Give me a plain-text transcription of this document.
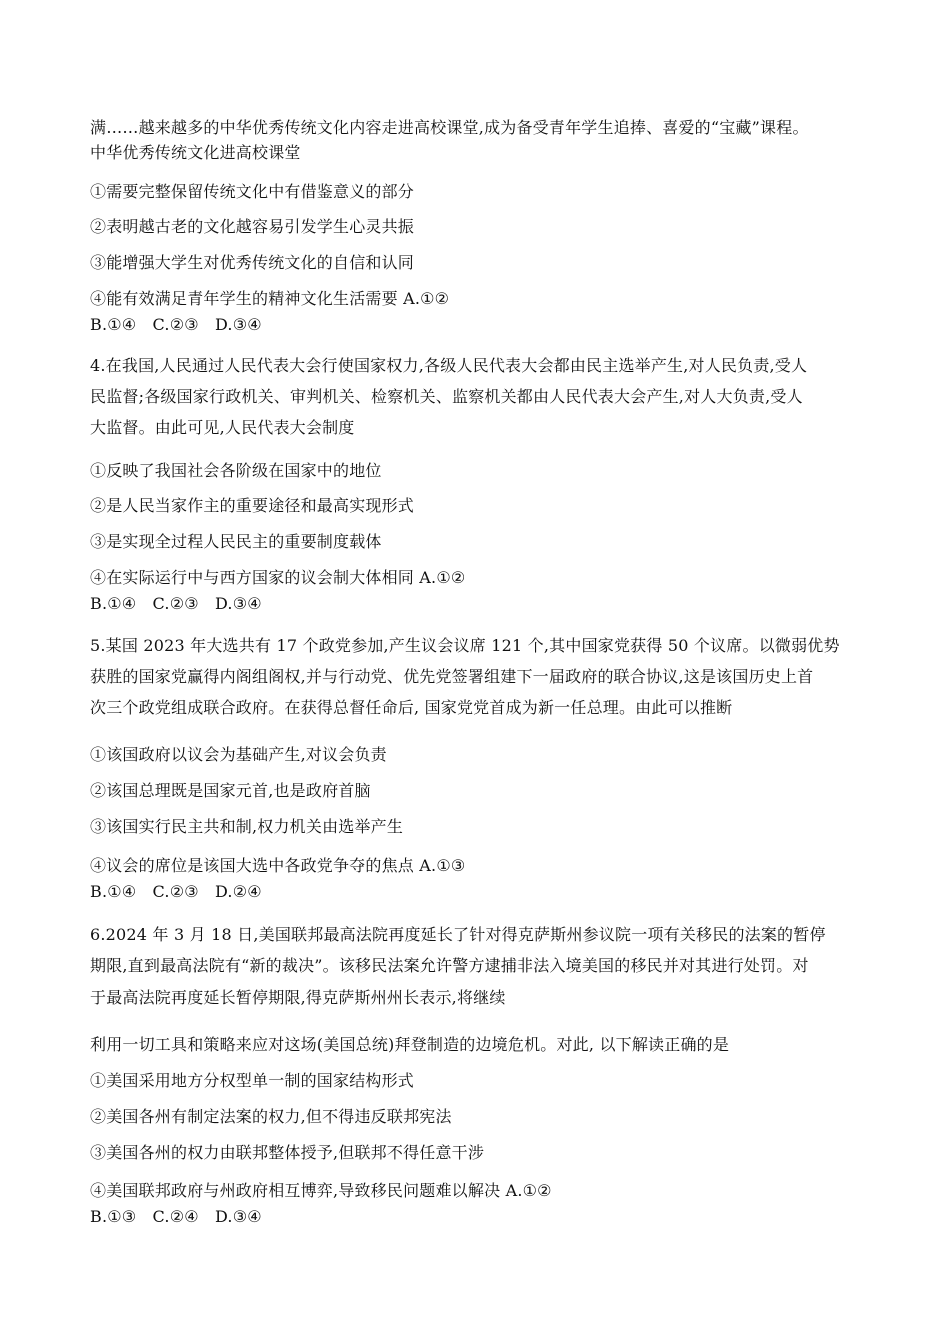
满……越来越多的中华优秀传统文化内容走进高校课堂,成为备受青年学生追捧、喜爱的“宝藏”课程。
中华优秀传统文化进高校课堂
①需要完整保留传统文化中有借鉴意义的部分
②表明越古老的文化越容易引发学生心灵共振
③能增强大学生对优秀传统文化的自信和认同
④能有效满足青年学生的精神文化生活需要 A.①②
B.①④　C.②③　D.③④
4.在我国,人民通过人民代表大会行使国家权力,各级人民代表大会都由民主选举产生,对人民负责,受人
民监督;各级国家行政机关、审判机关、检察机关、监察机关都由人民代表大会产生,对人大负责,受人
大监督。由此可见,人民代表大会制度
①反映了我国社会各阶级在国家中的地位
②是人民当家作主的重要途径和最高实现形式
③是实现全过程人民民主的重要制度载体
④在实际运行中与西方国家的议会制大体相同 A.①②
B.①④　C.②③　D.③④
5.某国 2023 年大选共有 17 个政党参加,产生议会议席 121 个,其中国家党获得 50 个议席。以微弱优势
获胜的国家党赢得内阁组阁权,并与行动党、优先党签署组建下一届政府的联合协议,这是该国历史上首
次三个政党组成联合政府。在获得总督任命后, 国家党党首成为新一任总理。由此可以推断
①该国政府以议会为基础产生,对议会负责
②该国总理既是国家元首,也是政府首脑
③该国实行民主共和制,权力机关由选举产生
④议会的席位是该国大选中各政党争夺的焦点 A.①③
B.①④　C.②③　D.②④
6.2024 年 3 月 18 日,美国联邦最高法院再度延长了针对得克萨斯州参议院一项有关移民的法案的暂停
期限,直到最高法院有“新的裁决”。该移民法案允许警方逮捕非法入境美国的移民并对其进行处罚。对
于最高法院再度延长暂停期限,得克萨斯州州长表示,将继续
利用一切工具和策略来应对这场(美国总统)拜登制造的边境危机。对此, 以下解读正确的是
①美国采用地方分权型单一制的国家结构形式
②美国各州有制定法案的权力,但不得违反联邦宪法
③美国各州的权力由联邦整体授予,但联邦不得任意干涉
④美国联邦政府与州政府相互博弈,导致移民问题难以解决 A.①②
B.①③　C.②④　D.③④
